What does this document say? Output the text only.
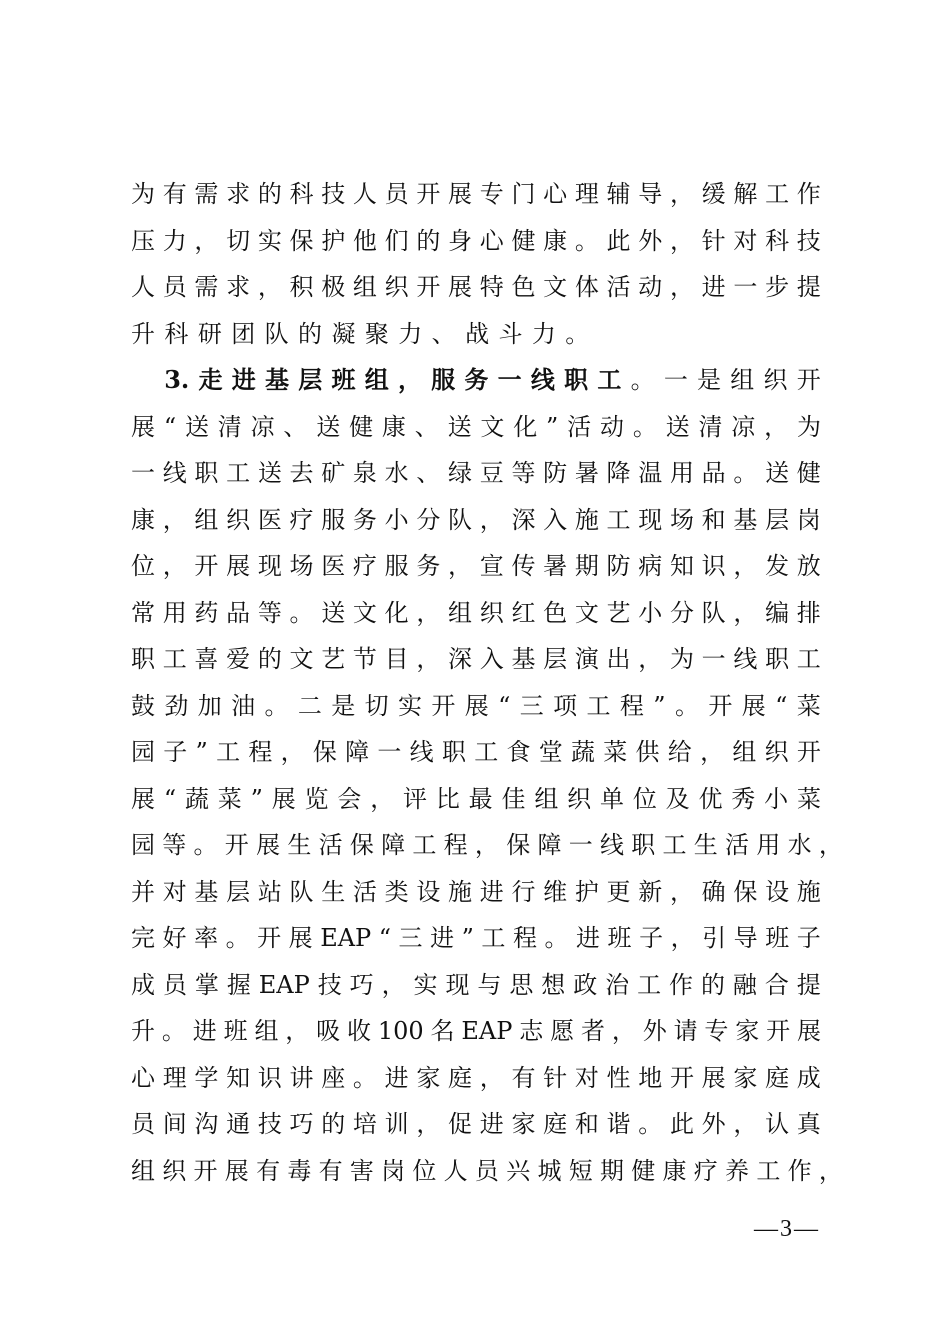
为 有 需 求 的 科 技 人 员 开 展 专 门 心 理 辅 导 ， 缓 解 工 作
压 力 ， 切 实 保 护 他 们 的 身 心 健 康 。 此 外 ， 针 对 科 技
人 员 需 求 ， 积 极 组 织 开 展 特 色 文 体 活 动 ， 进 一 步 提
升 科 研 团 队 的 凝 聚 力 、 战 斗 力 。

3. 走 进 基 层 班 组 ， 服 务 一 线 职 工 。 一 是 组 织 开
展 “ 送 清 凉 、 送 健 康 、 送 文 化 ” 活 动 。 送 清 凉 ， 为
一 线 职 工 送 去 矿 泉 水 、 绿 豆 等 防 暑 降 温 用 品 。 送 健
康 ， 组 织 医 疗 服 务 小 分 队 ， 深 入 施 工 现 场 和 基 层 岗
位 ， 开 展 现 场 医 疗 服 务 ， 宣 传 暑 期 防 病 知 识 ， 发 放
常 用 药 品 等 。 送 文 化 ， 组 织 红 色 文 艺 小 分 队 ， 编 排
职 工 喜 爱 的 文 艺 节 目 ， 深 入 基 层 演 出 ， 为 一 线 职 工
鼓 劲 加 油 。 二 是 切 实 开 展 “ 三 项 工 程 ” 。 开 展 “ 菜
园 子 ” 工 程 ， 保 障 一 线 职 工 食 堂 蔬 菜 供 给 ， 组 织 开
展 “ 蔬 菜 ” 展 览 会 ， 评 比 最 佳 组 织 单 位 及 优 秀 小 菜
园 等 。 开 展 生 活 保 障 工 程 ， 保 障 一 线 职 工 生 活 用 水 ，
并 对 基 层 站 队 生 活 类 设 施 进 行 维 护 更 新 ， 确 保 设 施
完 好 率 。 开 展 EAP “ 三 进 ” 工 程 。 进 班 子 ， 引 导 班 子
成 员 掌 握 EAP 技 巧 ， 实 现 与 思 想 政 治 工 作 的 融 合 提
升 。 进 班 组 ， 吸 收 100 名 EAP 志 愿 者 ， 外 请 专 家 开 展
心 理 学 知 识 讲 座 。 进 家 庭 ， 有 针 对 性 地 开 展 家 庭 成
员 间 沟 通 技 巧 的 培 训 ， 促 进 家 庭 和 谐 。 此 外 ， 认 真
组 织 开 展 有 毒 有 害 岗 位 人 员 兴 城 短 期 健 康 疗 养 工 作 ，
—3—
